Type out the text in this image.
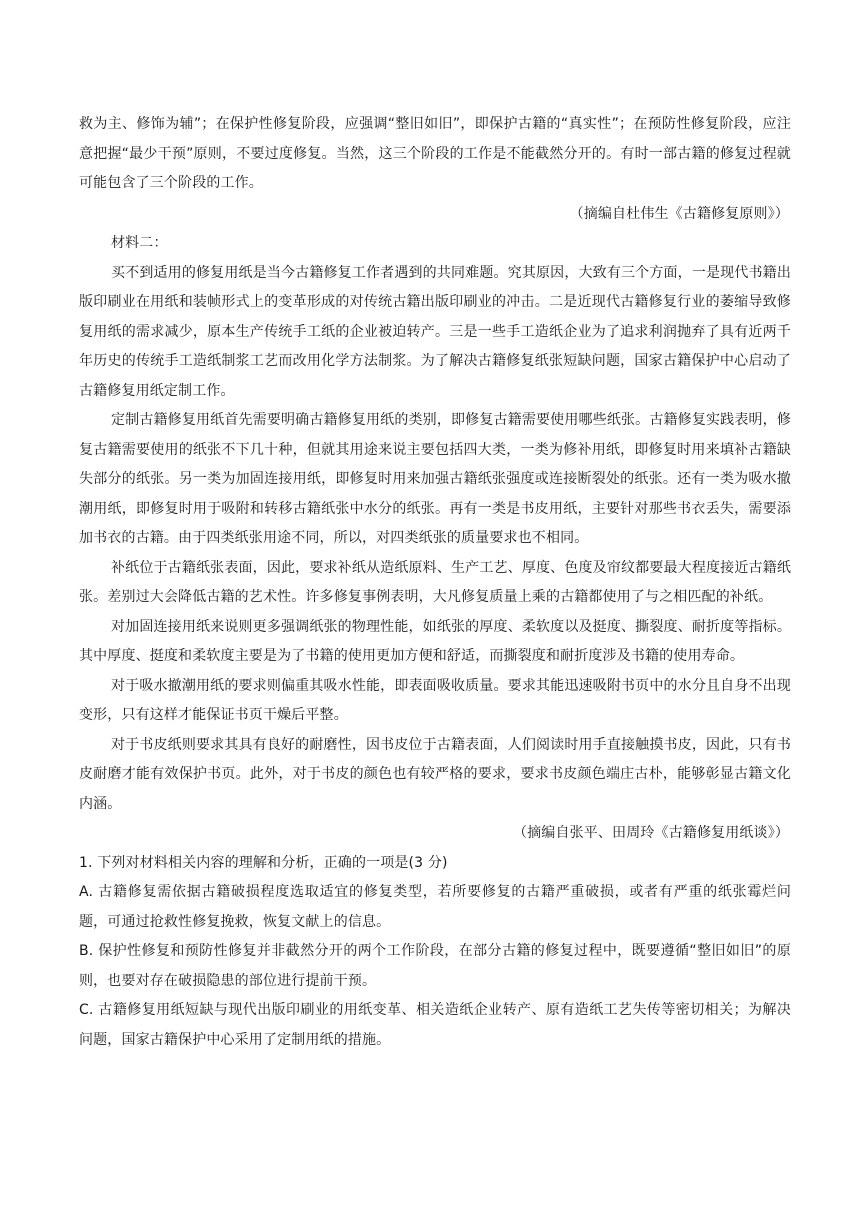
救为主、修饰为辅”；在保护性修复阶段，应强调“整旧如旧”，即保护古籍的“真实性”；在预防性修复阶段，应注意把握“最少干预”原则，不要过度修复。当然，这三个阶段的工作是不能截然分开的。有时一部古籍的修复过程就可能包含了三个阶段的工作。

（摘编自杜伟生《古籍修复原则》）

材料二：

买不到适用的修复用纸是当今古籍修复工作者遇到的共同难题。究其原因，大致有三个方面，一是现代书籍出版印刷业在用纸和装帧形式上的变革形成的对传统古籍出版印刷业的冲击。二是近现代古籍修复行业的萎缩导致修复用纸的需求减少，原本生产传统手工纸的企业被迫转产。三是一些手工造纸企业为了追求利润抛弃了具有近两千年历史的传统手工造纸制浆工艺而改用化学方法制浆。为了解决古籍修复纸张短缺问题，国家古籍保护中心启动了古籍修复用纸定制工作。

定制古籍修复用纸首先需要明确古籍修复用纸的类别，即修复古籍需要使用哪些纸张。古籍修复实践表明，修复古籍需要使用的纸张不下几十种，但就其用途来说主要包括四大类，一类为修补用纸，即修复时用来填补古籍缺失部分的纸张。另一类为加固连接用纸，即修复时用来加强古籍纸张强度或连接断裂处的纸张。还有一类为吸水撤潮用纸，即修复时用于吸附和转移古籍纸张中水分的纸张。再有一类是书皮用纸，主要针对那些书衣丢失，需要添加书衣的古籍。由于四类纸张用途不同，所以，对四类纸张的质量要求也不相同。

补纸位于古籍纸张表面，因此，要求补纸从造纸原料、生产工艺、厚度、色度及帘纹都要最大程度接近古籍纸张。差别过大会降低古籍的艺术性。许多修复事例表明，大凡修复质量上乘的古籍都使用了与之相匹配的补纸。

对加固连接用纸来说则更多强调纸张的物理性能，如纸张的厚度、柔软度以及挺度、撕裂度、耐折度等指标。其中厚度、挺度和柔软度主要是为了书籍的使用更加方便和舒适，而撕裂度和耐折度涉及书籍的使用寿命。

对于吸水撤潮用纸的要求则偏重其吸水性能，即表面吸收质量。要求其能迅速吸附书页中的水分且自身不出现变形，只有这样才能保证书页干燥后平整。

对于书皮纸则要求其具有良好的耐磨性，因书皮位于古籍表面，人们阅读时用手直接触摸书皮，因此，只有书皮耐磨才能有效保护书页。此外，对于书皮的颜色也有较严格的要求，要求书皮颜色端庄古朴，能够彰显古籍文化内涵。

（摘编自张平、田周玲《古籍修复用纸谈》）

1. 下列对材料相关内容的理解和分析，正确的一项是(3 分)

A. 古籍修复需依据古籍破损程度选取适宜的修复类型，若所要修复的古籍严重破损，或者有严重的纸张霉烂问题，可通过抢救性修复挽救，恢复文献上的信息。

B. 保护性修复和预防性修复并非截然分开的两个工作阶段，在部分古籍的修复过程中，既要遵循“整旧如旧”的原则，也要对存在破损隐患的部位进行提前干预。

C. 古籍修复用纸短缺与现代出版印刷业的用纸变革、相关造纸企业转产、原有造纸工艺失传等密切相关；为解决问题，国家古籍保护中心采用了定制用纸的措施。
